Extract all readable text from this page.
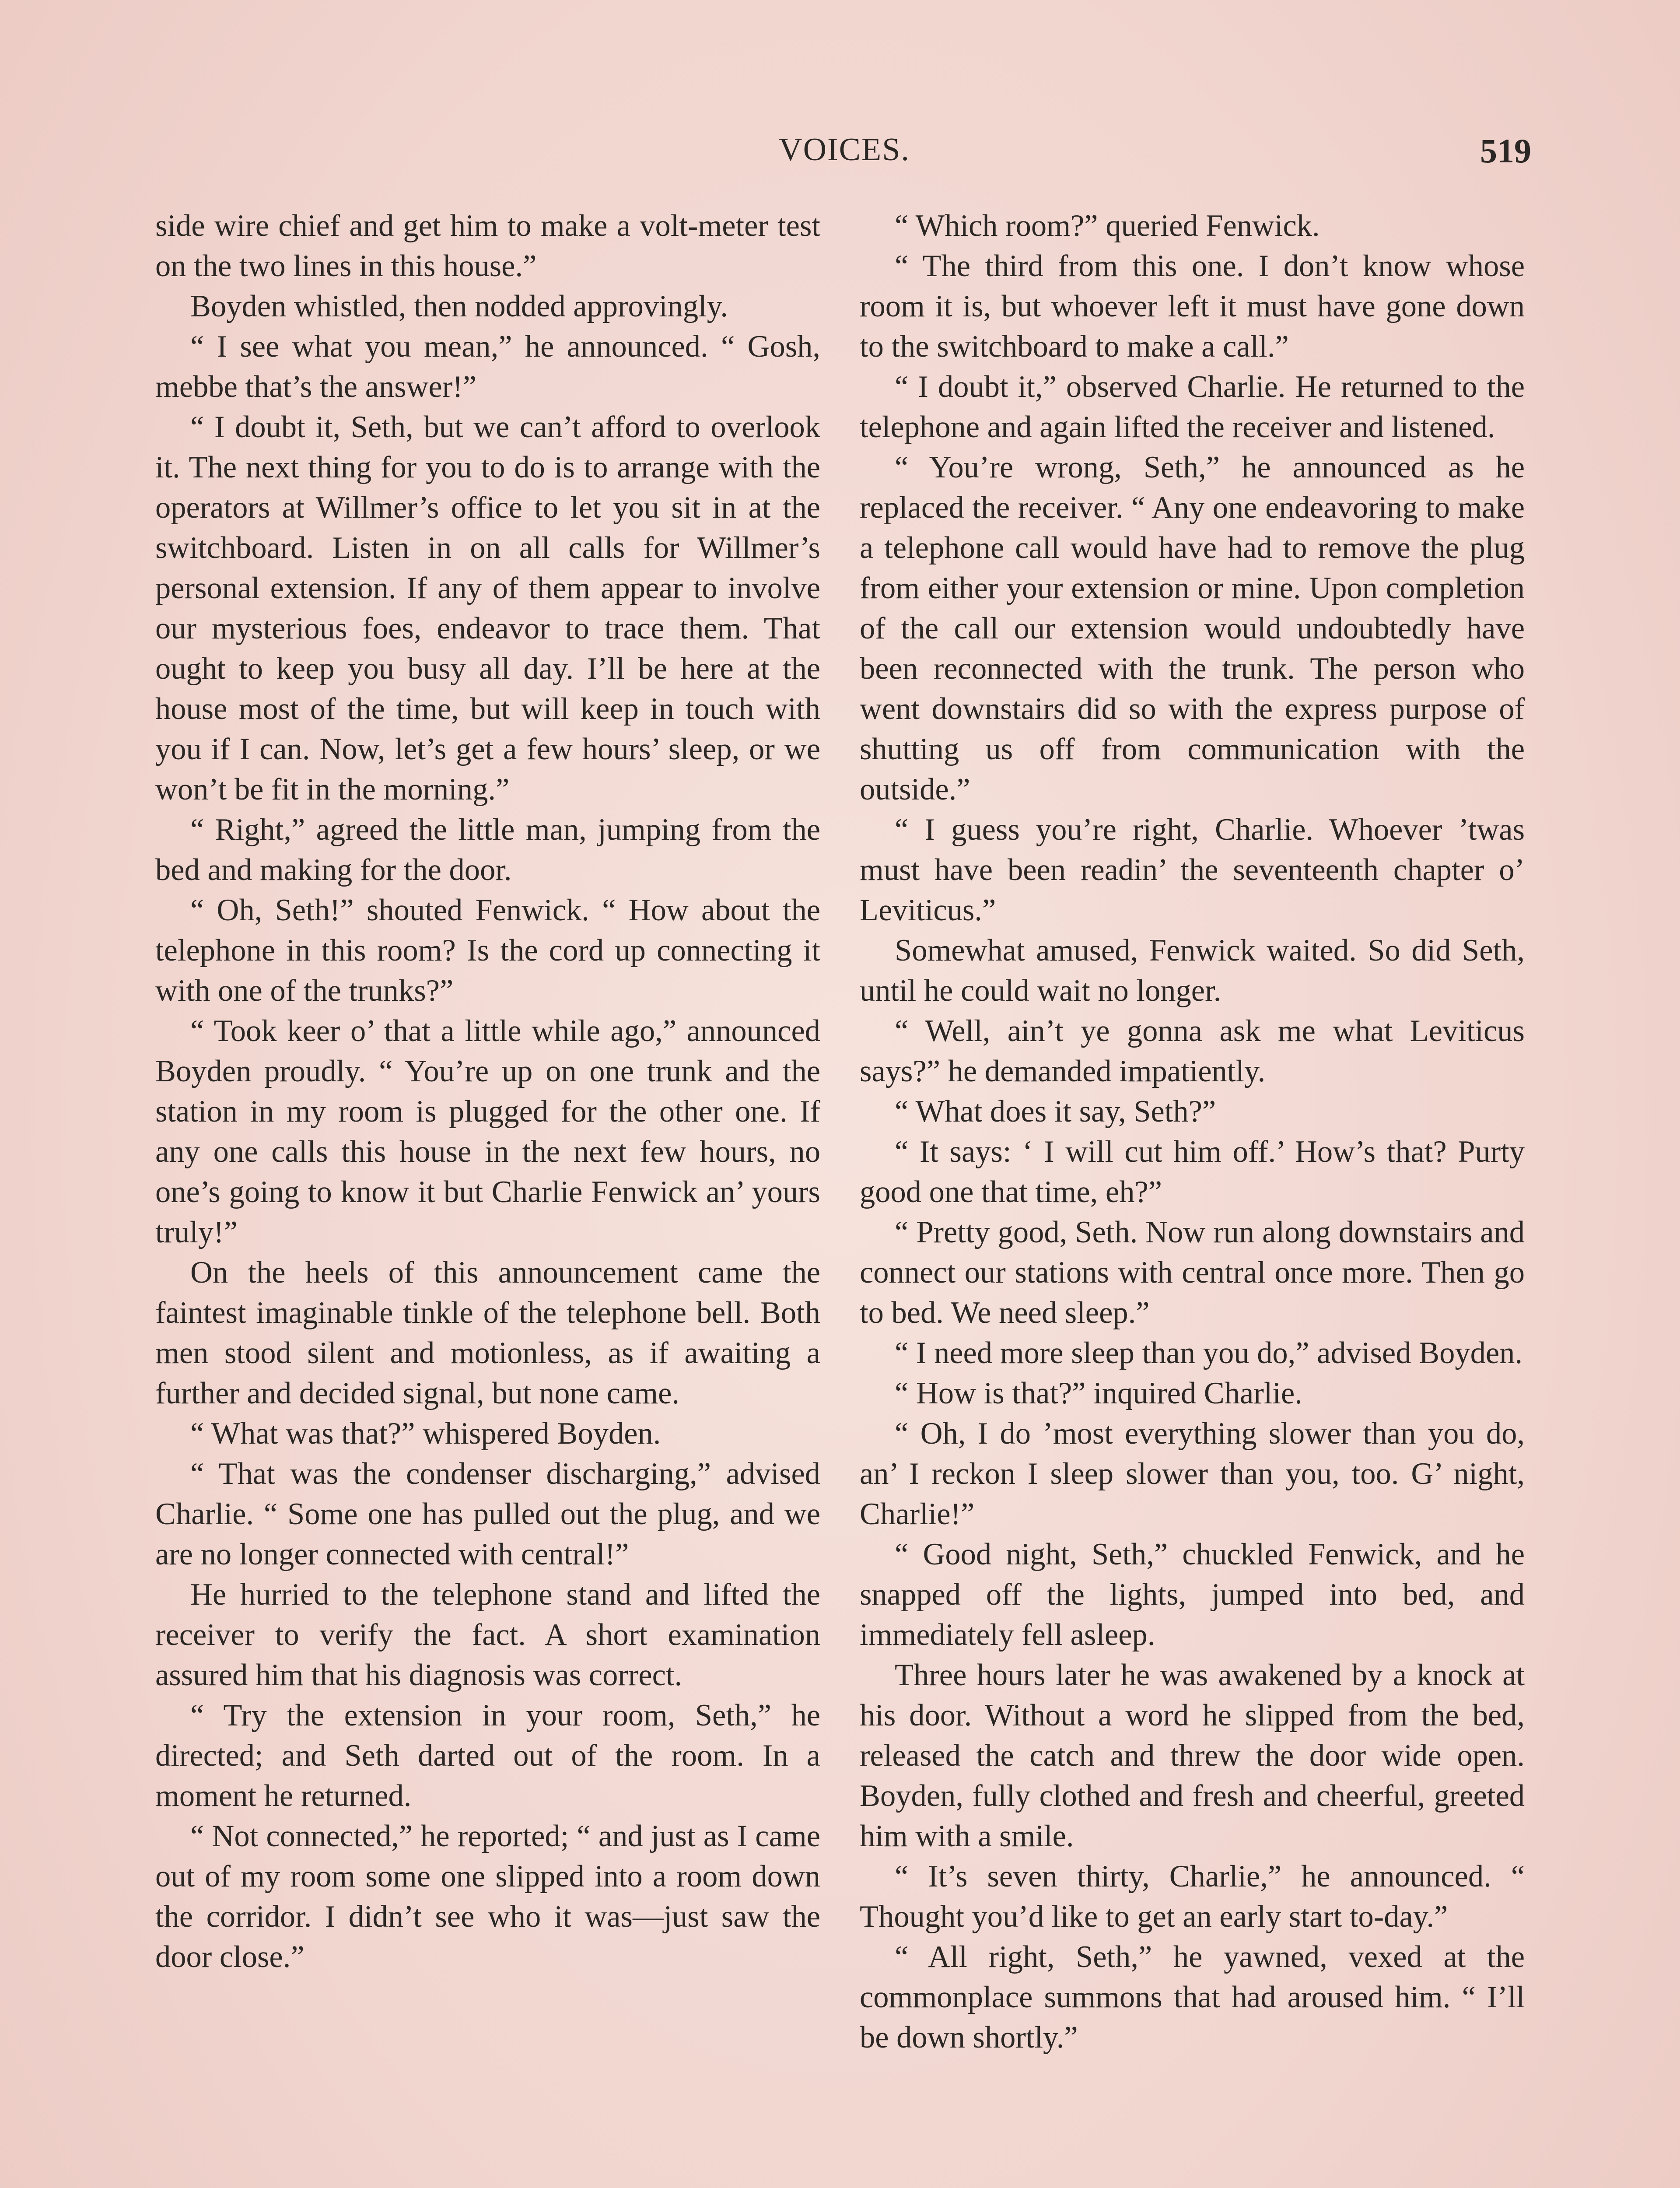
VOICES.	519

side wire chief and get him to make a volt-meter test on the two lines in this house.”

Boyden whistled, then nodded approvingly.

“ I see what you mean,” he announced. “ Gosh, mebbe that’s the answer!”

“ I doubt it, Seth, but we can’t afford to overlook it. The next thing for you to do is to arrange with the operators at Willmer’s office to let you sit in at the switchboard. Listen in on all calls for Willmer’s personal extension. If any of them appear to involve our mysterious foes, endeavor to trace them. That ought to keep you busy all day. I’ll be here at the house most of the time, but will keep in touch with you if I can. Now, let’s get a few hours’ sleep, or we won’t be fit in the morning.”

“ Right,” agreed the little man, jumping from the bed and making for the door.

“ Oh, Seth!” shouted Fenwick. “ How about the telephone in this room? Is the cord up connecting it with one of the trunks?”

“ Took keer o’ that a little while ago,” announced Boyden proudly. “ You’re up on one trunk and the station in my room is plugged for the other one. If any one calls this house in the next few hours, no one’s going to know it but Charlie Fenwick an’ yours truly!”

On the heels of this announcement came the faintest imaginable tinkle of the telephone bell. Both men stood silent and motionless, as if awaiting a further and decided signal, but none came.

“ What was that?” whispered Boyden.

“ That was the condenser discharging,” advised Charlie. “ Some one has pulled out the plug, and we are no longer connected with central!”

He hurried to the telephone stand and lifted the receiver to verify the fact. A short examination assured him that his diagnosis was correct.

“ Try the extension in your room, Seth,” he directed; and Seth darted out of the room. In a moment he returned.

“ Not connected,” he reported; “ and just as I came out of my room some one slipped into a room down the corridor. I didn’t see who it was—just saw the door close.”

“ Which room?” queried Fenwick.

“ The third from this one. I don’t know whose room it is, but whoever left it must have gone down to the switchboard to make a call.”

“ I doubt it,” observed Charlie. He returned to the telephone and again lifted the receiver and listened.

“ You’re wrong, Seth,” he announced as he replaced the receiver. “ Any one endeavoring to make a telephone call would have had to remove the plug from either your extension or mine. Upon completion of the call our extension would undoubtedly have been reconnected with the trunk. The person who went downstairs did so with the express purpose of shutting us off from communication with the outside.”

“ I guess you’re right, Charlie. Whoever ’twas must have been readin’ the seventeenth chapter o’ Leviticus.”

Somewhat amused, Fenwick waited. So did Seth, until he could wait no longer.

“ Well, ain’t ye gonna ask me what Leviticus says?” he demanded impatiently.

“ What does it say, Seth?”

“ It says: ‘ I will cut him off.’ How’s that? Purty good one that time, eh?”

“ Pretty good, Seth. Now run along downstairs and connect our stations with central once more. Then go to bed. We need sleep.”

“ I need more sleep than you do,” advised Boyden.

“ How is that?” inquired Charlie.

“ Oh, I do ’most everything slower than you do, an’ I reckon I sleep slower than you, too. G’ night, Charlie!”

“ Good night, Seth,” chuckled Fenwick, and he snapped off the lights, jumped into bed, and immediately fell asleep.

Three hours later he was awakened by a knock at his door. Without a word he slipped from the bed, released the catch and threw the door wide open. Boyden, fully clothed and fresh and cheerful, greeted him with a smile.

“ It’s seven thirty, Charlie,” he announced. “ Thought you’d like to get an early start to-day.”

“ All right, Seth,” he yawned, vexed at the commonplace summons that had aroused him. “ I’ll be down shortly.”
